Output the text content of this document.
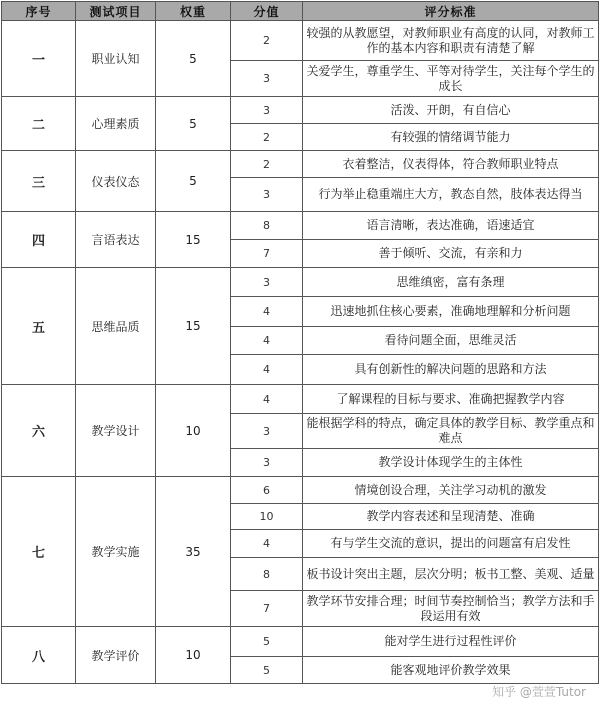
序号	测试项目	权重	分值	评分标准
一	职业认知	5	2	较强的从教愿望，对教师职业有高度的认同，对教师工作的基本内容和职责有清楚了解
			3	关爱学生，尊重学生、平等对待学生，关注每个学生的成长
二	心理素质	5	3	活泼、开朗，有自信心
			2	有较强的情绪调节能力
三	仪表仪态	5	2	衣着整洁，仪表得体，符合教师职业特点
			3	行为举止稳重端庄大方，教态自然，肢体表达得当
四	言语表达	15	8	语言清晰，表达准确，语速适宜
			7	善于倾听、交流，有亲和力
五	思维品质	15	3	思维缜密，富有条理
			4	迅速地抓住核心要素，准确地理解和分析问题
			4	看待问题全面，思维灵活
			4	具有创新性的解决问题的思路和方法
六	教学设计	10	4	了解课程的目标与要求、准确把握教学内容
			3	能根据学科的特点，确定具体的教学目标、教学重点和难点
			3	教学设计体现学生的主体性
七	教学实施	35	6	情境创设合理，关注学习动机的激发
			10	教学内容表述和呈现清楚、准确
			4	有与学生交流的意识，提出的问题富有启发性
			8	板书设计突出主题，层次分明；板书工整、美观、适量
			7	教学环节安排合理；时间节奏控制恰当；教学方法和手段运用有效
八	教学评价	10	5	能对学生进行过程性评价
			5	能客观地评价教学效果
知乎 @萱萱Tutor
